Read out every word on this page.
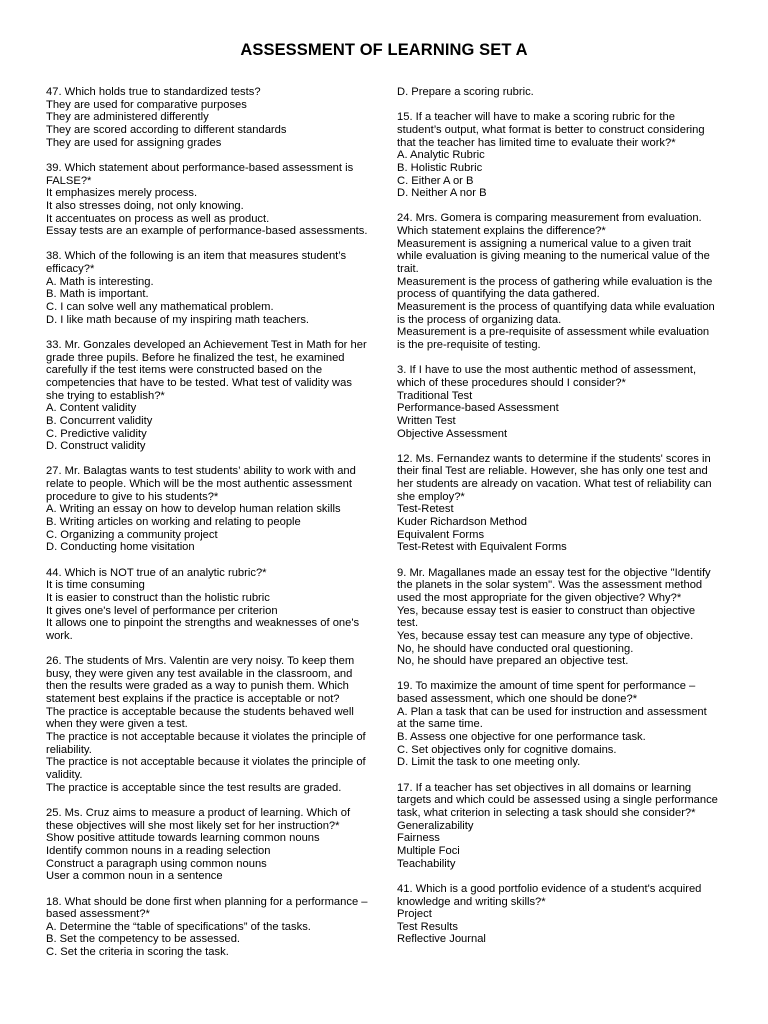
ASSESSMENT OF LEARNING SET A
47. Which holds true to standardized tests?
They are used for comparative purposes
They are administered differently
They are scored according to different standards
They are used for assigning grades
39. Which statement about performance-based assessment is FALSE?*
It emphasizes merely process.
It also stresses doing, not only knowing.
It accentuates on process as well as product.
Essay tests are an example of performance-based assessments.
38. Which of the following is an item that measures student’s efficacy?*
A. Math is interesting.
B. Math is important.
C. I can solve well any mathematical problem.
D. I like math because of my inspiring math teachers.
33. Mr. Gonzales developed an Achievement Test in Math for her grade three pupils. Before he finalized the test, he examined carefully if the test items were constructed based on the competencies that have to be tested. What test of validity was she trying to establish?*
A. Content validity
B. Concurrent validity
C. Predictive validity
D. Construct validity
27. Mr. Balagtas wants to test students’ ability to work with and relate to people. Which will be the most authentic assessment procedure to give to his students?*
A. Writing an essay on how to develop human relation skills
B. Writing articles on working and relating to people
C. Organizing a community project
D. Conducting home visitation
44. Which is NOT true of an analytic rubric?*
It is time consuming
It is easier to construct than the holistic rubric
It gives one's level of performance per criterion
It allows one to pinpoint the strengths and weaknesses of one's work.
26. The students of Mrs. Valentin are very noisy. To keep them busy, they were given any test available in the classroom, and then the results were graded as a way to punish them. Which statement best explains if the practice is acceptable or not?
The practice is acceptable because the students behaved well when they were given a test.
The practice is not acceptable because it violates the principle of reliability.
The practice is not acceptable because it violates the principle of validity.
The practice is acceptable since the test results are graded.
25. Ms. Cruz aims to measure a product of learning. Which of these objectives will she most likely set for her instruction?*
Show positive attitude towards learning common nouns
Identify common nouns in a reading selection
Construct a paragraph using common nouns
User a common noun in a sentence
18. What should be done first when planning for a performance – based assessment?*
A. Determine the “table of specifications” of the tasks.
B. Set the competency to be assessed.
C. Set the criteria in scoring the task.
D. Prepare a scoring rubric.
15. If a teacher will have to make a scoring rubric for the student’s output, what format is better to construct considering that the teacher has limited time to evaluate their work?*
A. Analytic Rubric
B. Holistic Rubric
C. Either A or B
D. Neither A nor B
24. Mrs. Gomera is comparing measurement from evaluation. Which statement explains the difference?*
Measurement is assigning a numerical value to a given trait while evaluation is giving meaning to the numerical value of the trait.
Measurement is the process of gathering while evaluation is the process of quantifying the data gathered.
Measurement is the process of quantifying data while evaluation is the process of organizing data.
Measurement is a pre-requisite of assessment while evaluation is the pre-requisite of testing.
3. If I have to use the most authentic method of assessment, which of these procedures should I consider?*
Traditional Test
Performance-based Assessment
Written Test
Objective Assessment
12. Ms. Fernandez wants to determine if the students' scores in their final Test are reliable. However, she has only one test and her students are already on vacation. What test of reliability can she employ?*
Test-Retest
Kuder Richardson Method
Equivalent Forms
Test-Retest with Equivalent Forms
9. Mr. Magallanes made an essay test for the objective "Identify the planets in the solar system". Was the assessment method used the most appropriate for the given objective? Why?*
Yes, because essay test is easier to construct than objective test.
Yes, because essay test can measure any type of objective.
No, he should have conducted oral questioning.
No, he should have prepared an objective test.
19. To maximize the amount of time spent for performance – based assessment, which one should be done?*
A. Plan a task that can be used for instruction and assessment at the same time.
B. Assess one objective for one performance task.
C. Set objectives only for cognitive domains.
D. Limit the task to one meeting only.
17. If a teacher has set objectives in all domains or learning targets and which could be assessed using a single performance task, what criterion in selecting a task should she consider?*
Generalizability
Fairness
Multiple Foci
Teachability
41. Which is a good portfolio evidence of a student's acquired knowledge and writing skills?*
Project
Test Results
Reflective Journal
